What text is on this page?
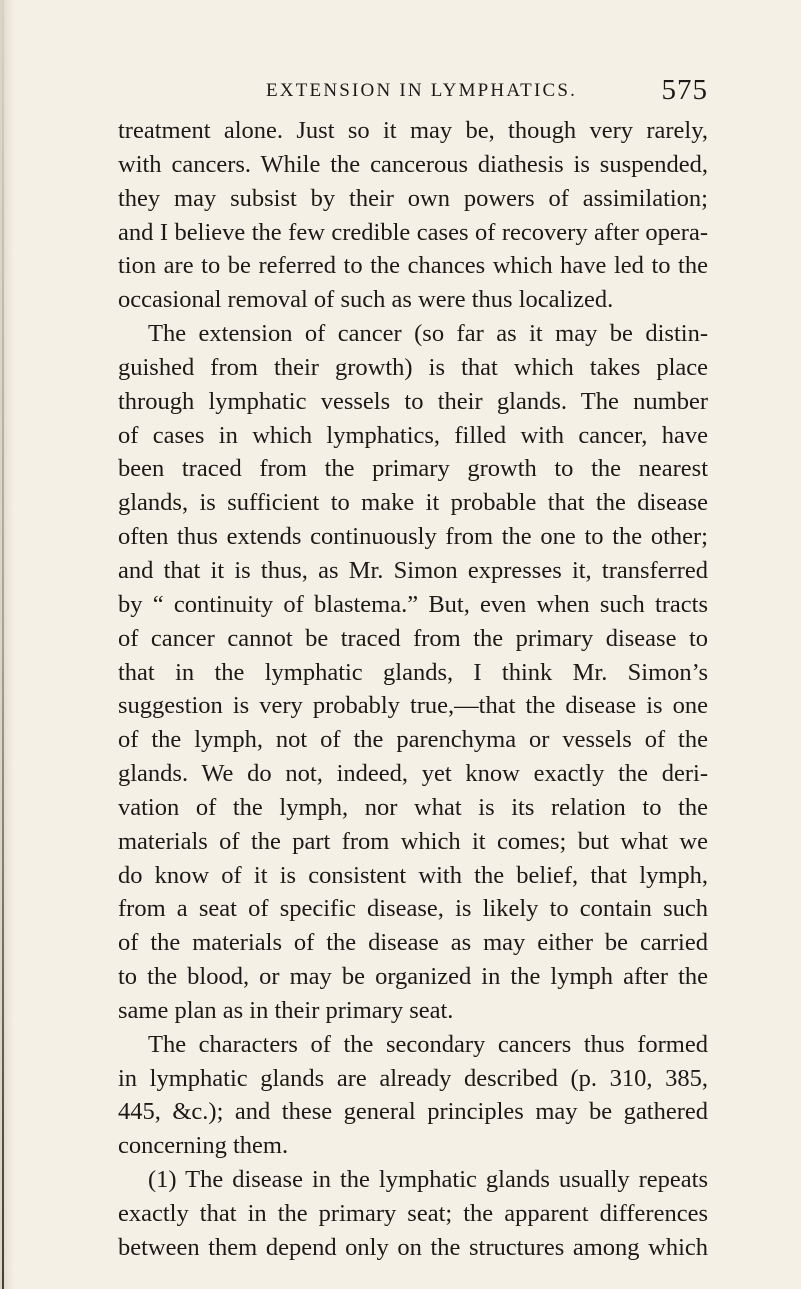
EXTENSION IN LYMPHATICS.	575
treatment alone. Just so it may be, though very rarely,
with cancers. While the cancerous diathesis is suspended,
they may subsist by their own powers of assimilation;
and I believe the few credible cases of recovery after opera-
tion are to be referred to the chances which have led to the
occasional removal of such as were thus localized.
The extension of cancer (so far as it may be distin-
guished from their growth) is that which takes place
through lymphatic vessels to their glands. The number
of cases in which lymphatics, filled with cancer, have
been traced from the primary growth to the nearest
glands, is sufficient to make it probable that the disease
often thus extends continuously from the one to the other;
and that it is thus, as Mr. Simon expresses it, transferred
by “ continuity of blastema.” But, even when such tracts
of cancer cannot be traced from the primary disease to
that in the lymphatic glands, I think Mr. Simon’s
suggestion is very probably true,—that the disease is one
of the lymph, not of the parenchyma or vessels of the
glands. We do not, indeed, yet know exactly the deri-
vation of the lymph, nor what is its relation to the
materials of the part from which it comes; but what we
do know of it is consistent with the belief, that lymph,
from a seat of specific disease, is likely to contain such
of the materials of the disease as may either be carried
to the blood, or may be organized in the lymph after the
same plan as in their primary seat.
The characters of the secondary cancers thus formed
in lymphatic glands are already described (p. 310, 385,
445, &c.); and these general principles may be gathered
concerning them.
(1) The disease in the lymphatic glands usually repeats
exactly that in the primary seat; the apparent differences
between them depend only on the structures among which
